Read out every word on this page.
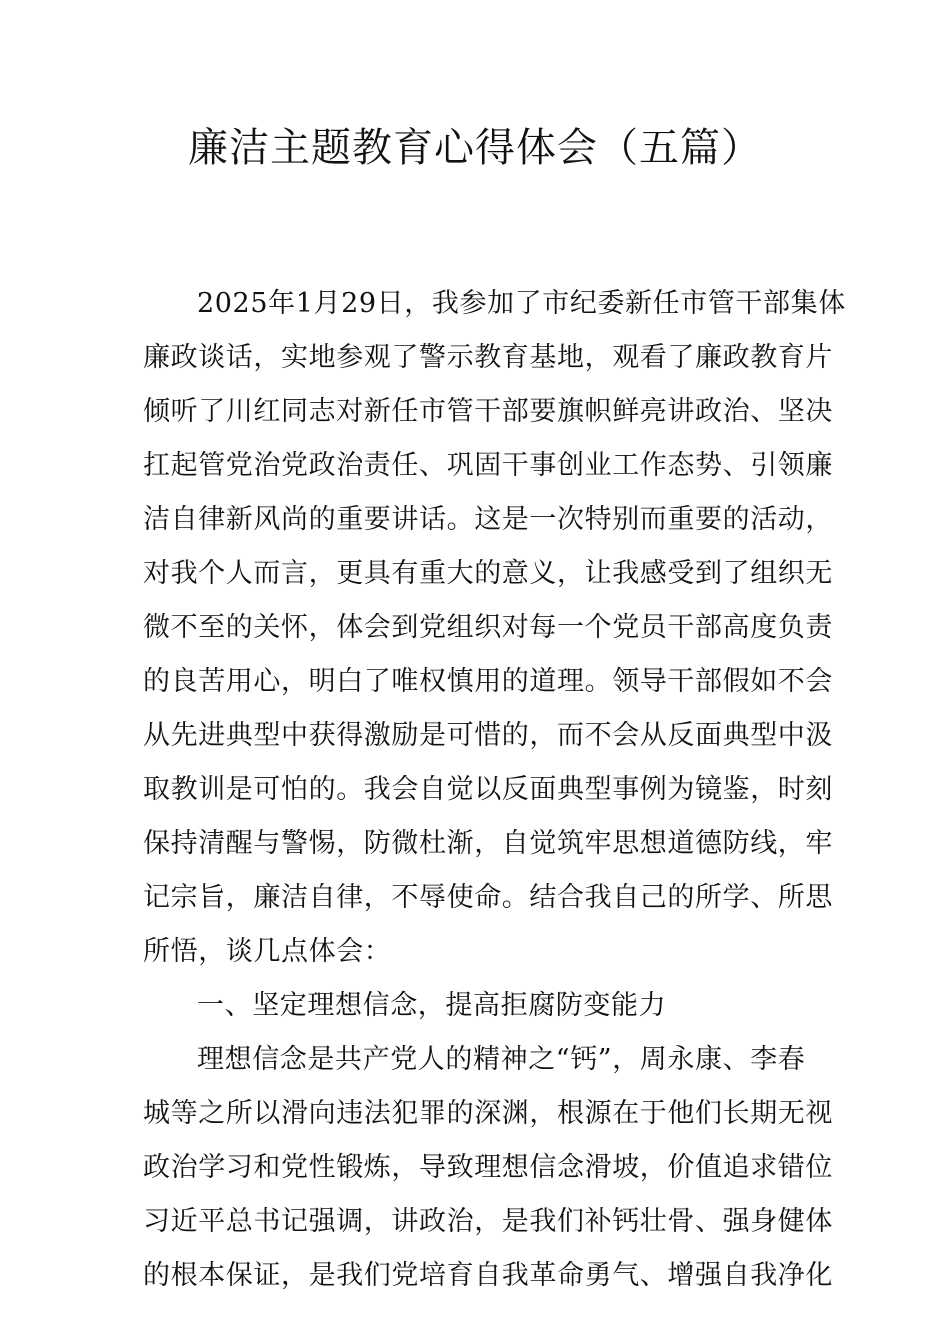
廉洁主题教育心得体会（五篇）
2025年1月29日，我参加了市纪委新任市管干部集体
廉政谈话，实地参观了警示教育基地，观看了廉政教育片
倾听了川红同志对新任市管干部要旗帜鲜亮讲政治、坚决
扛起管党治党政治责任、巩固干事创业工作态势、引领廉
洁自律新风尚的重要讲话。这是一次特别而重要的活动，
对我个人而言，更具有重大的意义，让我感受到了组织无
微不至的关怀，体会到党组织对每一个党员干部高度负责
的良苦用心，明白了唯权慎用的道理。领导干部假如不会
从先进典型中获得激励是可惜的，而不会从反面典型中汲
取教训是可怕的。我会自觉以反面典型事例为镜鉴，时刻
保持清醒与警惕，防微杜渐，自觉筑牢思想道德防线，牢
记宗旨，廉洁自律，不辱使命。结合我自己的所学、所思
所悟，谈几点体会：
一、坚定理想信念，提高拒腐防变能力
理想信念是共产党人的精神之“钙”，周永康、李春
城等之所以滑向违法犯罪的深渊，根源在于他们长期无视
政治学习和党性锻炼，导致理想信念滑坡，价值追求错位
习近平总书记强调，讲政治，是我们补钙壮骨、强身健体
的根本保证，是我们党培育自我革命勇气、增强自我净化
